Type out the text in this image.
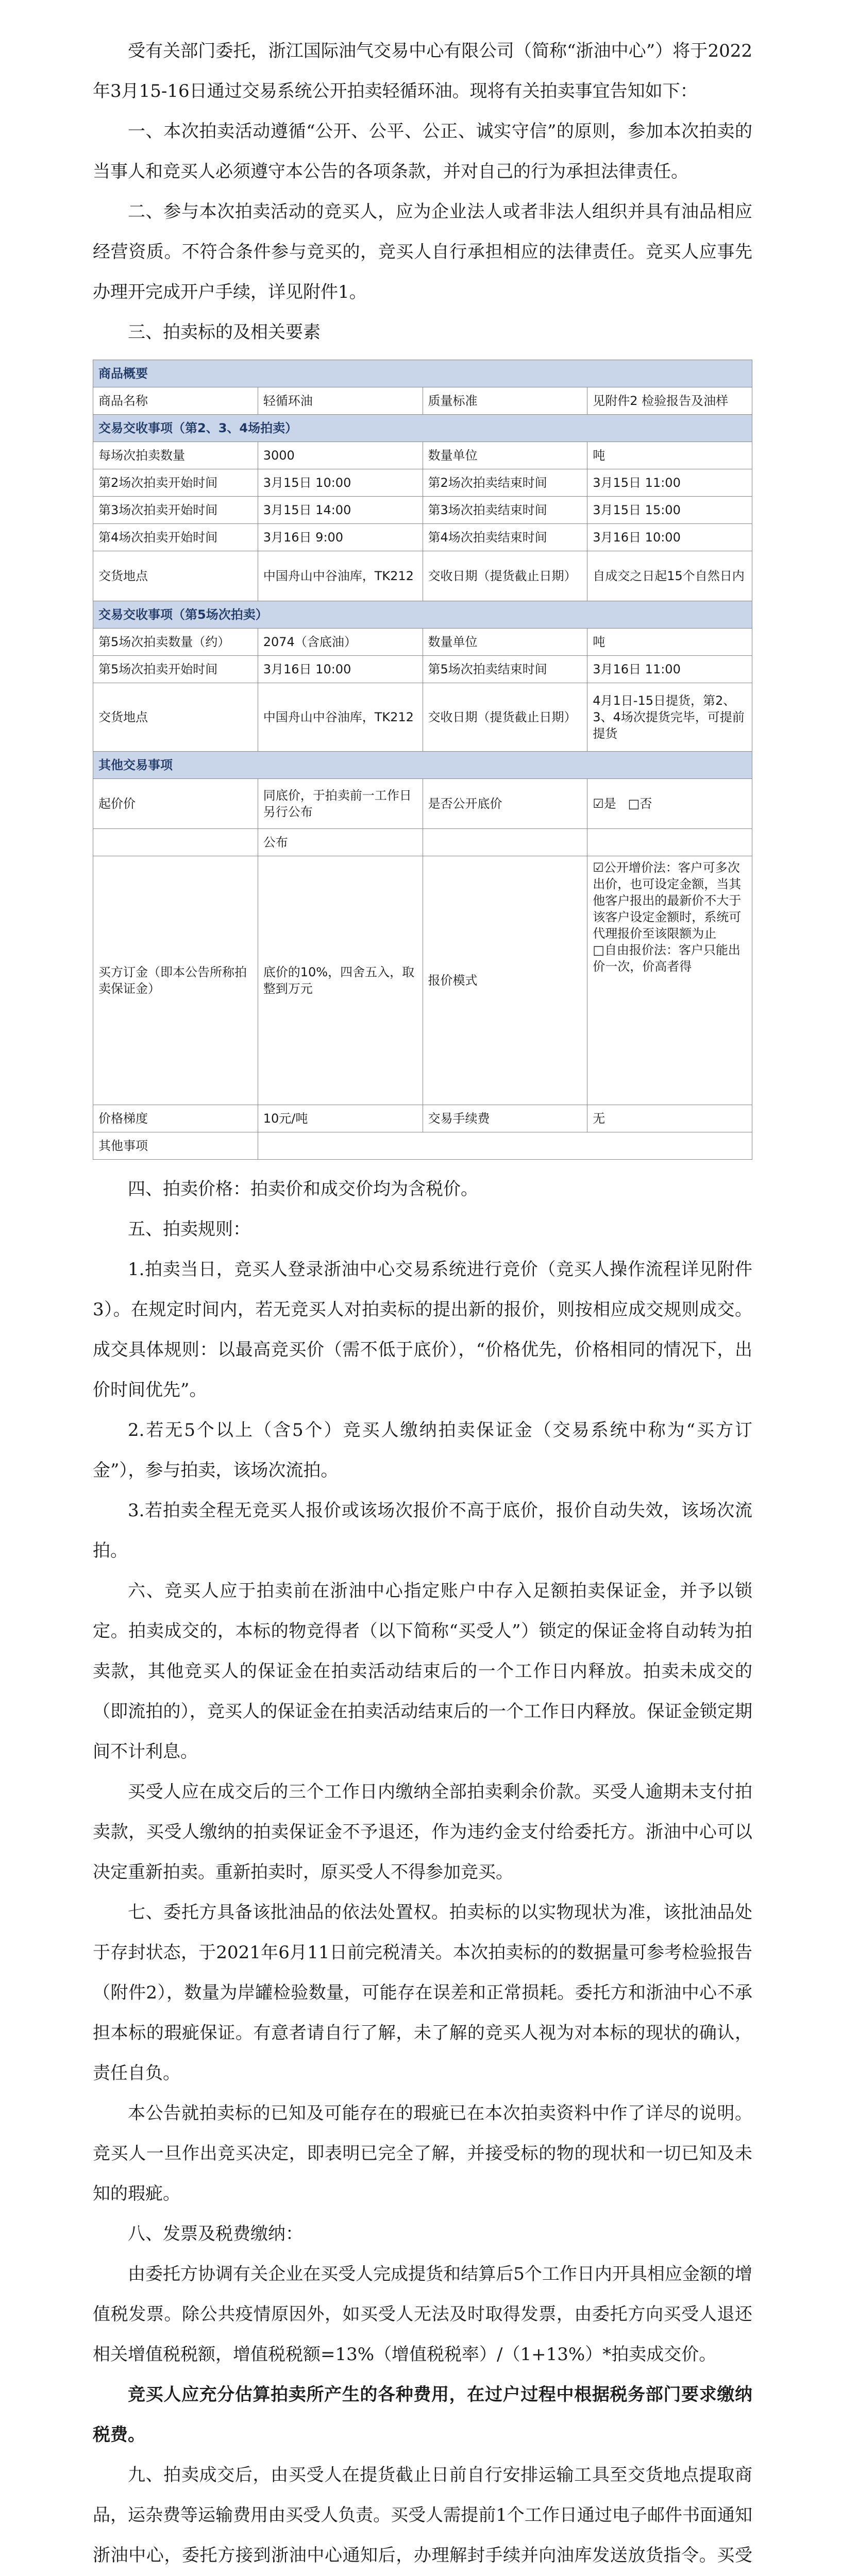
受有关部门委托，浙江国际油气交易中心有限公司（简称“浙油中心”）将于2022年3月15-16日通过交易系统公开拍卖轻循环油。现将有关拍卖事宜告知如下：

一、本次拍卖活动遵循“公开、公平、公正、诚实守信”的原则，参加本次拍卖的当事人和竞买人必须遵守本公告的各项条款，并对自己的行为承担法律责任。

二、参与本次拍卖活动的竞买人，应为企业法人或者非法人组织并具有油品相应经营资质。不符合条件参与竞买的，竞买人自行承担相应的法律责任。竞买人应事先办理开完成开户手续，详见附件1。

三、拍卖标的及相关要素

商品概要			
商品名称	轻循环油	质量标准	见附件2 检验报告及油样
交易交收事项（第2、3、4场拍卖）			
每场次拍卖数量	3000	数量单位	吨
第2场次拍卖开始时间	3月15日 10:00	第2场次拍卖结束时间	3月15日 11:00
第3场次拍卖开始时间	3月15日 14:00	第3场次拍卖结束时间	3月15日 15:00
第4场次拍卖开始时间	3月16日 9:00	第4场次拍卖结束时间	3月16日 10:00
交货地点	中国舟山中谷油库，TK212	交收日期（提货截止日期）	自成交之日起15个自然日内
交易交收事项（第5场次拍卖）			
第5场次拍卖数量（约）	2074（含底油）	数量单位	吨
第5场次拍卖开始时间	3月16日 10:00	第5场次拍卖结束时间	3月16日 11:00
交货地点	中国舟山中谷油库，TK212	交收日期（提货截止日期）	4月1日-15日提货，第2、3、4场次提货完毕，可提前提货
其他交易事项			
起价价	同底价，于拍卖前一工作日另行公布	是否公开底价	☑是 □否
	公布		
买方订金（即本公告所称拍卖保证金）	底价的10%，四舍五入，取整到万元	报价模式	☑公开增价法：客户可多次出价，也可设定金额，当其他客户报出的最新价不大于该客户设定金额时，系统可代理报价至该限额为止
□自由报价法：客户只能出价一次，价高者得
价格梯度	10元/吨	交易手续费	无
其他事项			

四、拍卖价格：拍卖价和成交价均为含税价。

五、拍卖规则：

1.拍卖当日，竞买人登录浙油中心交易系统进行竞价（竞买人操作流程详见附件3）。在规定时间内，若无竞买人对拍卖标的提出新的报价，则按相应成交规则成交。成交具体规则：以最高竞买价（需不低于底价），“价格优先，价格相同的情况下，出价时间优先”。

2.若无5个以上（含5个）竞买人缴纳拍卖保证金（交易系统中称为“买方订金”），参与拍卖，该场次流拍。

3.若拍卖全程无竞买人报价或该场次报价不高于底价，报价自动失效，该场次流拍。

六、竞买人应于拍卖前在浙油中心指定账户中存入足额拍卖保证金，并予以锁定。拍卖成交的，本标的物竞得者（以下简称“买受人”）锁定的保证金将自动转为拍卖款，其他竞买人的保证金在拍卖活动结束后的一个工作日内释放。拍卖未成交的（即流拍的），竞买人的保证金在拍卖活动结束后的一个工作日内释放。保证金锁定期间不计利息。

买受人应在成交后的三个工作日内缴纳全部拍卖剩余价款。买受人逾期未支付拍卖款，买受人缴纳的拍卖保证金不予退还，作为违约金支付给委托方。浙油中心可以决定重新拍卖。重新拍卖时，原买受人不得参加竞买。

七、委托方具备该批油品的依法处置权。拍卖标的以实物现状为准，该批油品处于存封状态，于2021年6月11日前完税清关。本次拍卖标的的数据量可参考检验报告（附件2），数量为岸罐检验数量，可能存在误差和正常损耗。委托方和浙油中心不承担本标的瑕疵保证。有意者请自行了解，未了解的竞买人视为对本标的现状的确认，责任自负。

本公告就拍卖标的已知及可能存在的瑕疵已在本次拍卖资料中作了详尽的说明。竞买人一旦作出竞买决定，即表明已完全了解，并接受标的物的现状和一切已知及未知的瑕疵。

八、发票及税费缴纳：

由委托方协调有关企业在买受人完成提货和结算后5个工作日内开具相应金额的增值税发票。除公共疫情原因外，如买受人无法及时取得发票，由委托方向买受人退还相关增值税税额，增值税税额=13%（增值税税率）/（1+13%）*拍卖成交价。

竞买人应充分估算拍卖所产生的各种费用，在过户过程中根据税务部门要求缴纳税费。

九、拍卖成交后，由买受人在提货截止日前自行安排运输工具至交货地点提取商品，运杂费等运输费用由买受人负责。买受人需提前1个工作日通过电子邮件书面通知浙油中心，委托方接到浙油中心通知后，办理解封手续并向油库发送放货指令。买受
